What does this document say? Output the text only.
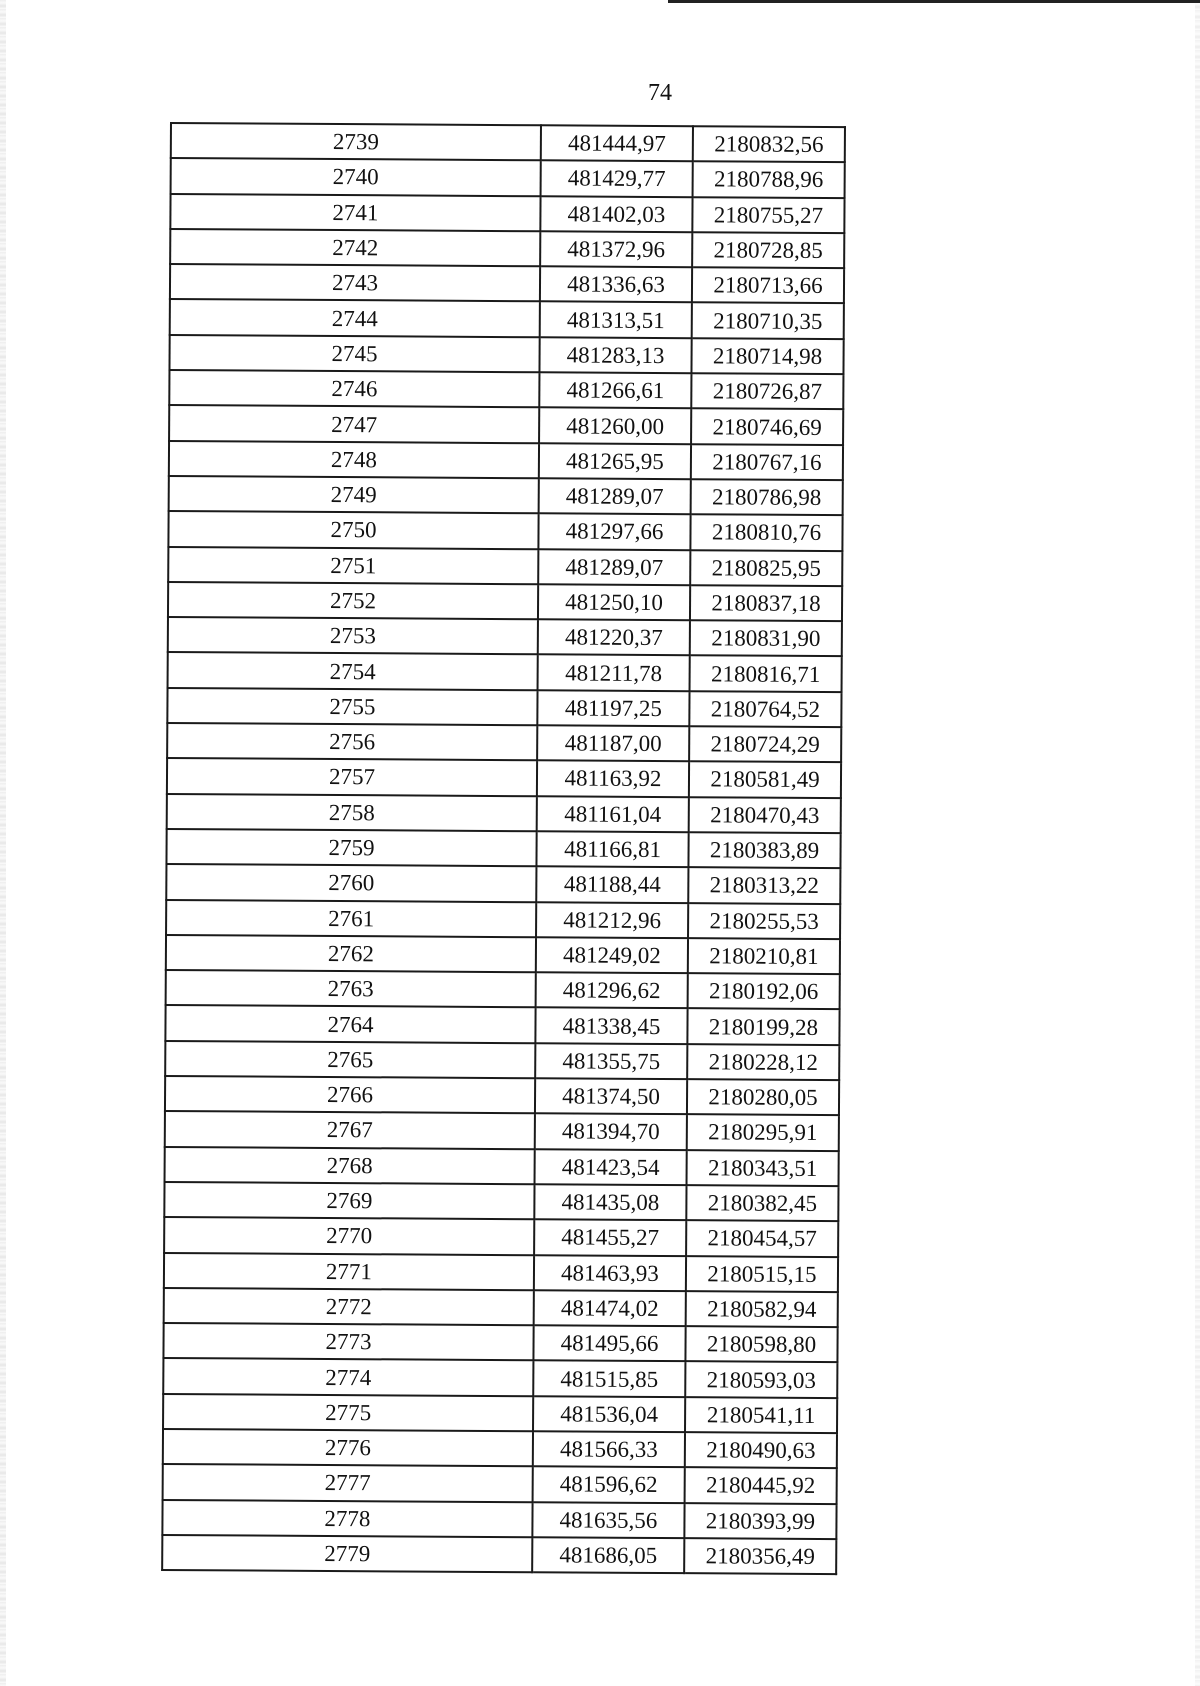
74
2739	481444,97	2180832,56
2740	481429,77	2180788,96
2741	481402,03	2180755,27
2742	481372,96	2180728,85
2743	481336,63	2180713,66
2744	481313,51	2180710,35
2745	481283,13	2180714,98
2746	481266,61	2180726,87
2747	481260,00	2180746,69
2748	481265,95	2180767,16
2749	481289,07	2180786,98
2750	481297,66	2180810,76
2751	481289,07	2180825,95
2752	481250,10	2180837,18
2753	481220,37	2180831,90
2754	481211,78	2180816,71
2755	481197,25	2180764,52
2756	481187,00	2180724,29
2757	481163,92	2180581,49
2758	481161,04	2180470,43
2759	481166,81	2180383,89
2760	481188,44	2180313,22
2761	481212,96	2180255,53
2762	481249,02	2180210,81
2763	481296,62	2180192,06
2764	481338,45	2180199,28
2765	481355,75	2180228,12
2766	481374,50	2180280,05
2767	481394,70	2180295,91
2768	481423,54	2180343,51
2769	481435,08	2180382,45
2770	481455,27	2180454,57
2771	481463,93	2180515,15
2772	481474,02	2180582,94
2773	481495,66	2180598,80
2774	481515,85	2180593,03
2775	481536,04	2180541,11
2776	481566,33	2180490,63
2777	481596,62	2180445,92
2778	481635,56	2180393,99
2779	481686,05	2180356,49
